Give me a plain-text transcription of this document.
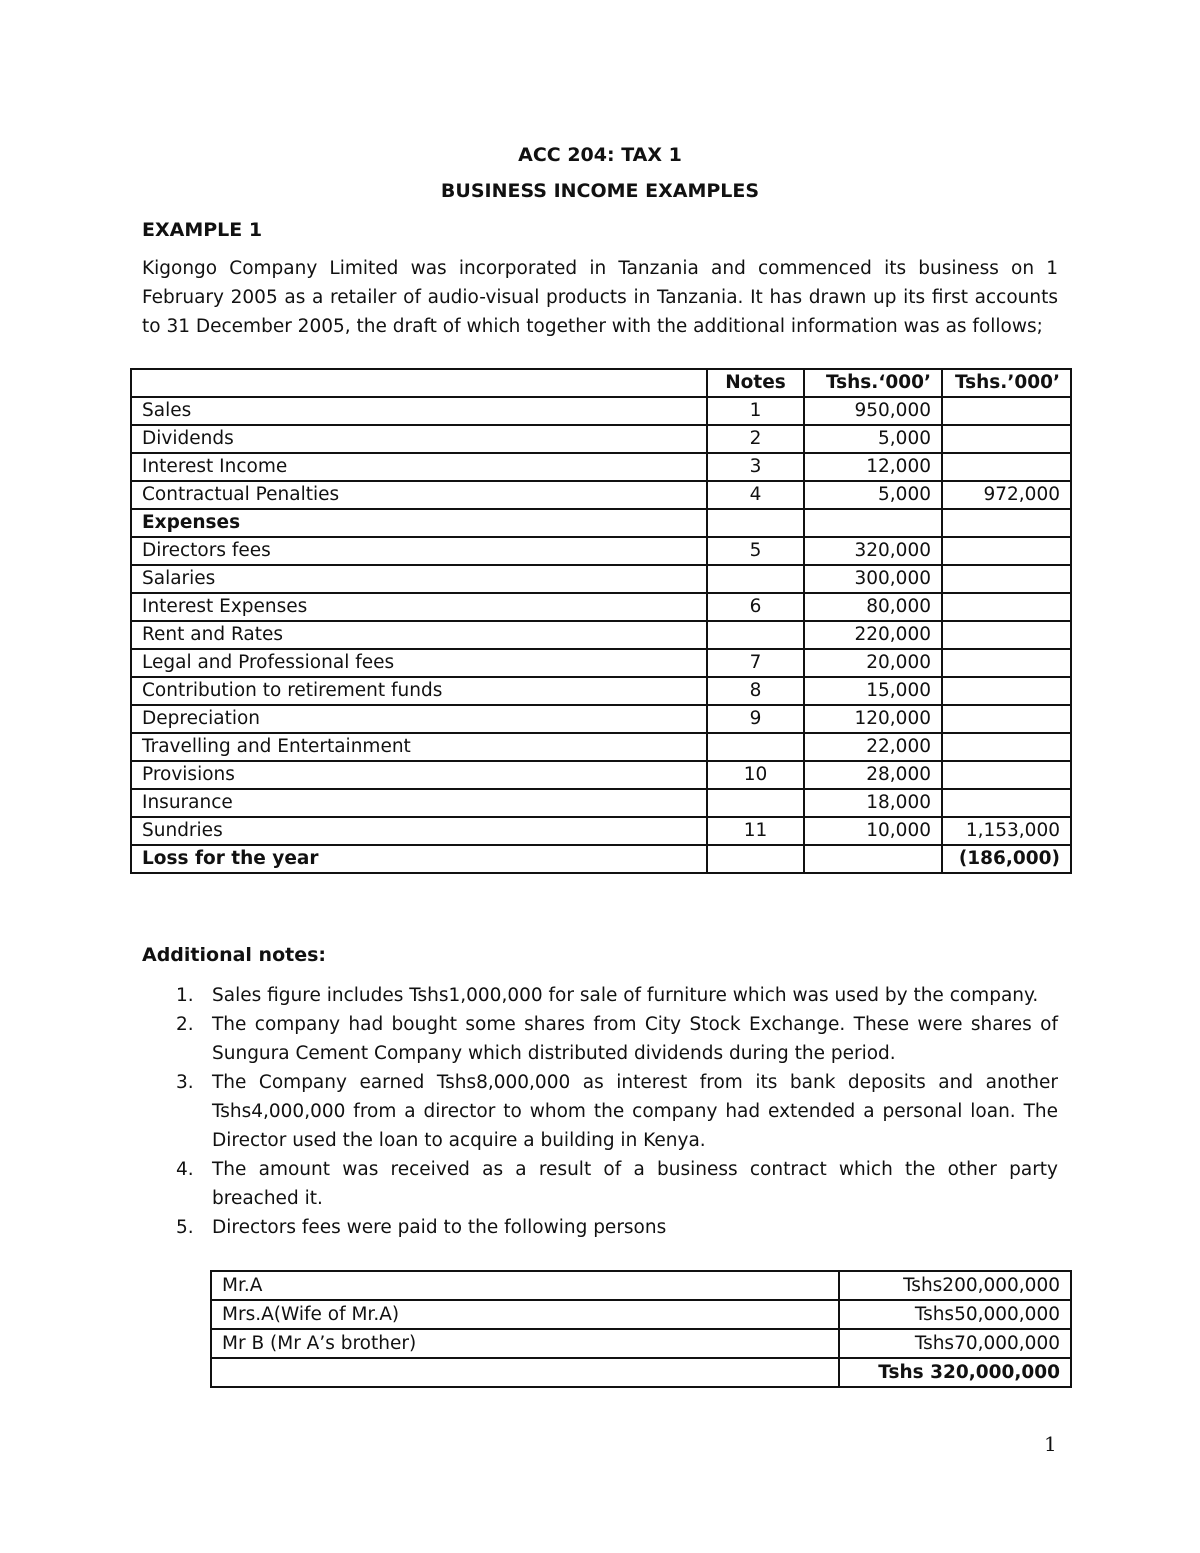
ACC 204: TAX 1
BUSINESS INCOME EXAMPLES
EXAMPLE 1
Kigongo Company Limited was incorporated in Tanzania and commenced its business on 1 February 2005 as a retailer of audio-visual products in Tanzania. It has drawn up its first accounts to 31 December 2005, the draft of which together with the additional information was as follows;
	Notes	Tshs.‘000’	Tshs.’000’
Sales	1	950,000	
Dividends	2	5,000	
Interest Income	3	12,000	
Contractual Penalties	4	5,000	972,000
Expenses			
Directors fees	5	320,000	
Salaries		300,000	
Interest Expenses	6	80,000	
Rent and Rates		220,000	
Legal and Professional fees	7	20,000	
Contribution to retirement funds	8	15,000	
Depreciation	9	120,000	
Travelling and Entertainment		22,000	
Provisions	10	28,000	
Insurance		18,000	
Sundries	11	10,000	1,153,000
Loss for the year			(186,000)
Additional notes:
1. Sales figure includes Tshs1,000,000 for sale of furniture which was used by the company.
2. The company had bought some shares from City Stock Exchange. These were shares of Sungura Cement Company which distributed dividends during the period.
3. The Company earned Tshs8,000,000 as interest from its bank deposits and another Tshs4,000,000 from a director to whom the company had extended a personal loan. The Director used the loan to acquire a building in Kenya.
4. The amount was received as a result of a business contract which the other party breached it.
5. Directors fees were paid to the following persons
Mr.A	Tshs200,000,000
Mrs.A(Wife of Mr.A)	Tshs50,000,000
Mr B (Mr A’s brother)	Tshs70,000,000
	Tshs 320,000,000
1
